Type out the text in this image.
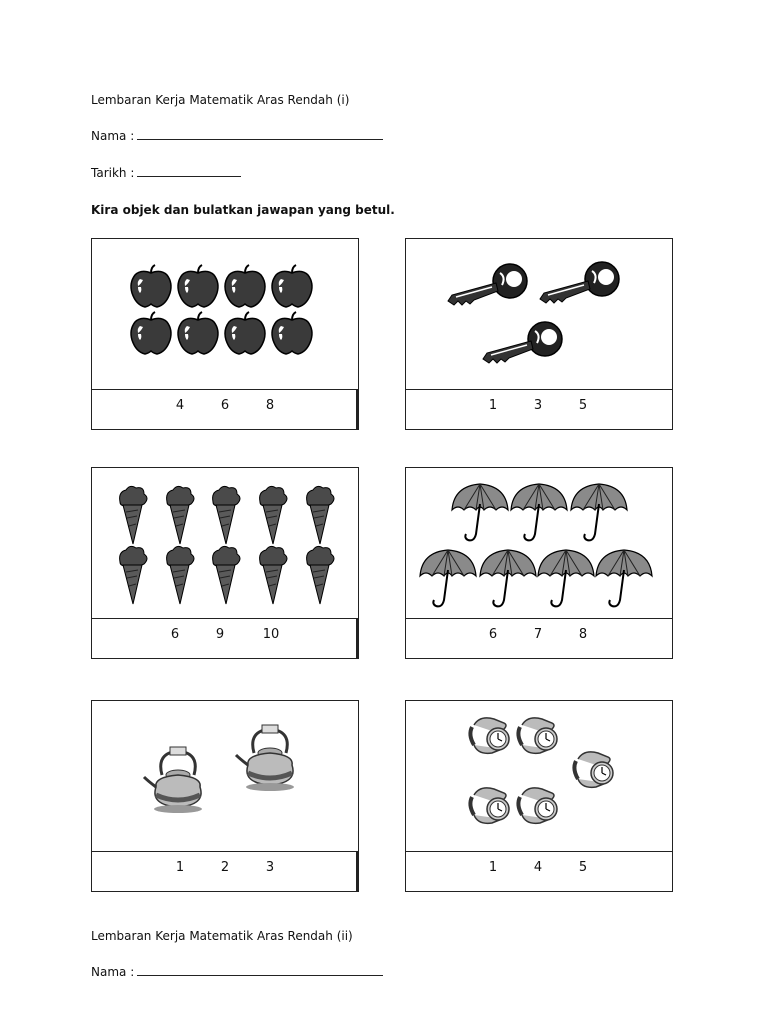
Lembaran Kerja Matematik Aras Rendah (i)
Nama :
Tarikh :
Kira objek dan bulatkan jawapan yang betul.
4	6	8	1	3	5
6	9	10	6	7	8
1	2	3	1	4	5
Lembaran Kerja Matematik Aras Rendah (ii)
Nama :
